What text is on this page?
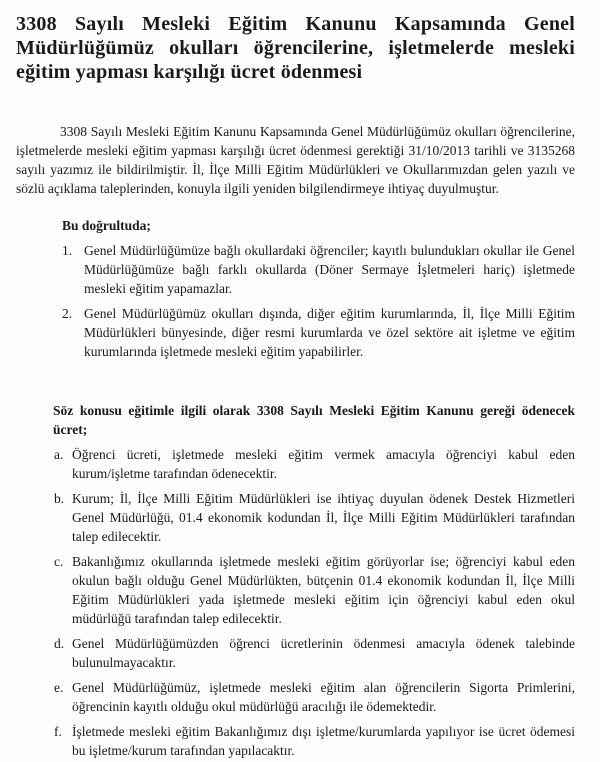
3308 Sayılı Mesleki Eğitim Kanunu Kapsamında Genel Müdürlüğümüz okulları öğrencilerine, işletmelerde mesleki eğitim yapması karşılığı ücret ödenmesi

3308 Sayılı Mesleki Eğitim Kanunu Kapsamında Genel Müdürlüğümüz okulları öğrencilerine, işletmelerde mesleki eğitim yapması karşılığı ücret ödenmesi gerektiği 31/10/2013 tarihli ve 3135268 sayılı yazımız ile bildirilmiştir. İl, İlçe Milli Eğitim Müdürlükleri ve Okullarımızdan gelen yazılı ve sözlü açıklama taleplerinden, konuyla ilgili yeniden bilgilendirmeye ihtiyaç duyulmuştur.

Bu doğrultuda;

1. Genel Müdürlüğümüze bağlı okullardaki öğrenciler; kayıtlı bulundukları okullar ile Genel Müdürlüğümüze bağlı farklı okullarda (Döner Sermaye İşletmeleri hariç) işletmede mesleki eğitim yapamazlar.
2. Genel Müdürlüğümüz okulları dışında, diğer eğitim kurumlarında, İl, İlçe Milli Eğitim Müdürlükleri bünyesinde, diğer resmi kurumlarda ve özel sektöre ait işletme ve eğitim kurumlarında işletmede mesleki eğitim yapabilirler.

Söz konusu eğitimle ilgili olarak 3308 Sayılı Mesleki Eğitim Kanunu gereği ödenecek ücret;

a. Öğrenci ücreti, işletmede mesleki eğitim vermek amacıyla öğrenciyi kabul eden kurum/işletme tarafından ödenecektir.
b. Kurum; İl, İlçe Milli Eğitim Müdürlükleri ise ihtiyaç duyulan ödenek Destek Hizmetleri Genel Müdürlüğü, 01.4 ekonomik kodundan İl, İlçe Milli Eğitim Müdürlükleri tarafından talep edilecektir.
c. Bakanlığımız okullarında işletmede mesleki eğitim görüyorlar ise; öğrenciyi kabul eden okulun bağlı olduğu Genel Müdürlükten, bütçenin 01.4 ekonomik kodundan İl, İlçe Milli Eğitim Müdürlükleri yada işletmede mesleki eğitim için öğrenciyi kabul eden okul müdürlüğü tarafından talep edilecektir.
d. Genel Müdürlüğümüzden öğrenci ücretlerinin ödenmesi amacıyla ödenek talebinde bulunulmayacaktır.
e. Genel Müdürlüğümüz, işletmede mesleki eğitim alan öğrencilerin Sigorta Primlerini, öğrencinin kayıtlı olduğu okul müdürlüğü aracılığı ile ödemektedir.
f. İşletmede mesleki eğitim Bakanlığımız dışı işletme/kurumlarda yapılıyor ise ücret ödemesi bu işletme/kurum tarafından yapılacaktır.
